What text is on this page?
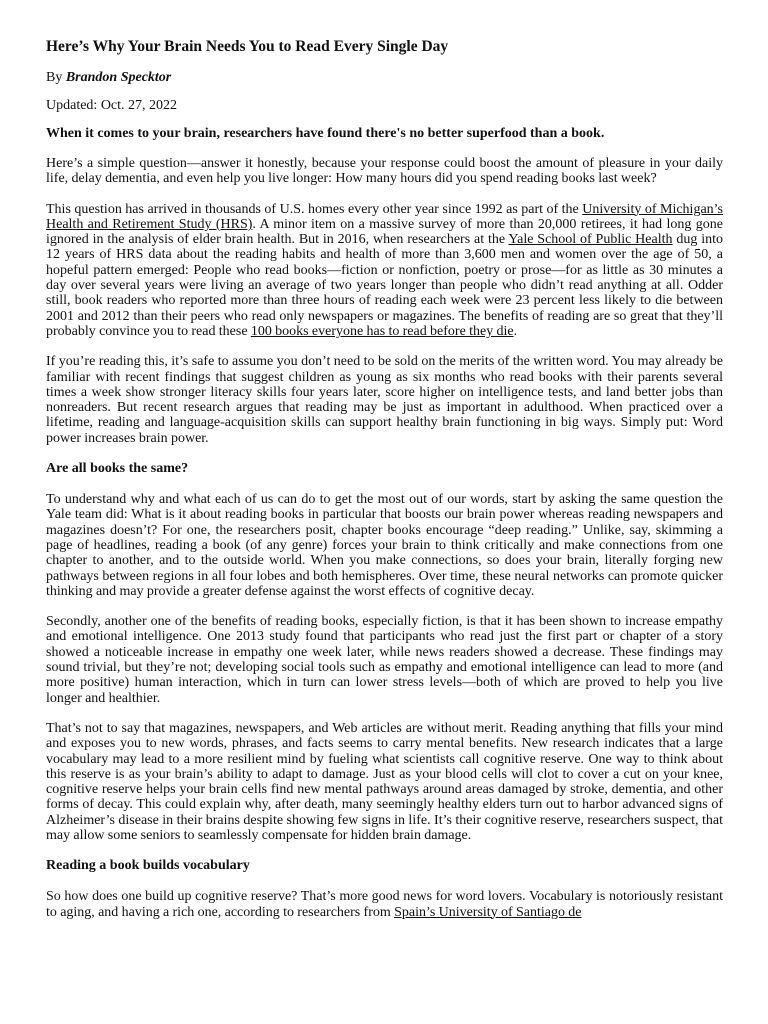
Here’s Why Your Brain Needs You to Read Every Single Day
By Brandon Specktor
Updated: Oct. 27, 2022
When it comes to your brain, researchers have found there's no better superfood than a book.

Here’s a simple question—answer it honestly, because your response could boost the amount of pleasure in your daily life, delay dementia, and even help you live longer: How many hours did you spend reading books last week?

This question has arrived in thousands of U.S. homes every other year since 1992 as part of the University of Michigan’s Health and Retirement Study (HRS). A minor item on a massive survey of more than 20,000 retirees, it had long gone ignored in the analysis of elder brain health. But in 2016, when researchers at the Yale School of Public Health dug into 12 years of HRS data about the reading habits and health of more than 3,600 men and women over the age of 50, a hopeful pattern emerged: People who read books—fiction or nonfiction, poetry or prose—for as little as 30 minutes a day over several years were living an average of two years longer than people who didn’t read anything at all. Odder still, book readers who reported more than three hours of reading each week were 23 percent less likely to die between 2001 and 2012 than their peers who read only newspapers or magazines. The benefits of reading are so great that they’ll probably convince you to read these 100 books everyone has to read before they die.

If you’re reading this, it’s safe to assume you don’t need to be sold on the merits of the written word. You may already be familiar with recent findings that suggest children as young as six months who read books with their parents several times a week show stronger literacy skills four years later, score higher on intelligence tests, and land better jobs than nonreaders. But recent research argues that reading may be just as important in adulthood. When practiced over a lifetime, reading and language-acquisition skills can support healthy brain functioning in big ways. Simply put: Word power increases brain power.

Are all books the same?

To understand why and what each of us can do to get the most out of our words, start by asking the same question the Yale team did: What is it about reading books in particular that boosts our brain power whereas reading newspapers and magazines doesn’t? For one, the researchers posit, chapter books encourage “deep reading.” Unlike, say, skimming a page of headlines, reading a book (of any genre) forces your brain to think critically and make connections from one chapter to another, and to the outside world. When you make connections, so does your brain, literally forging new pathways between regions in all four lobes and both hemispheres. Over time, these neural networks can promote quicker thinking and may provide a greater defense against the worst effects of cognitive decay.

Secondly, another one of the benefits of reading books, especially fiction, is that it has been shown to increase empathy and emotional intelligence. One 2013 study found that participants who read just the first part or chapter of a story showed a noticeable increase in empathy one week later, while news readers showed a decrease. These findings may sound trivial, but they’re not; developing social tools such as empathy and emotional intelligence can lead to more (and more positive) human interaction, which in turn can lower stress levels—both of which are proved to help you live longer and healthier.

That’s not to say that magazines, newspapers, and Web articles are without merit. Reading anything that fills your mind and exposes you to new words, phrases, and facts seems to carry mental benefits. New research indicates that a large vocabulary may lead to a more resilient mind by fueling what scientists call cognitive reserve. One way to think about this reserve is as your brain’s ability to adapt to damage. Just as your blood cells will clot to cover a cut on your knee, cognitive reserve helps your brain cells find new mental pathways around areas damaged by stroke, dementia, and other forms of decay. This could explain why, after death, many seemingly healthy elders turn out to harbor advanced signs of Alzheimer’s disease in their brains despite showing few signs in life. It’s their cognitive reserve, researchers suspect, that may allow some seniors to seamlessly compensate for hidden brain damage.

Reading a book builds vocabulary

So how does one build up cognitive reserve? That’s more good news for word lovers. Vocabulary is notoriously resistant to aging, and having a rich one, according to researchers from Spain’s University of Santiago de
